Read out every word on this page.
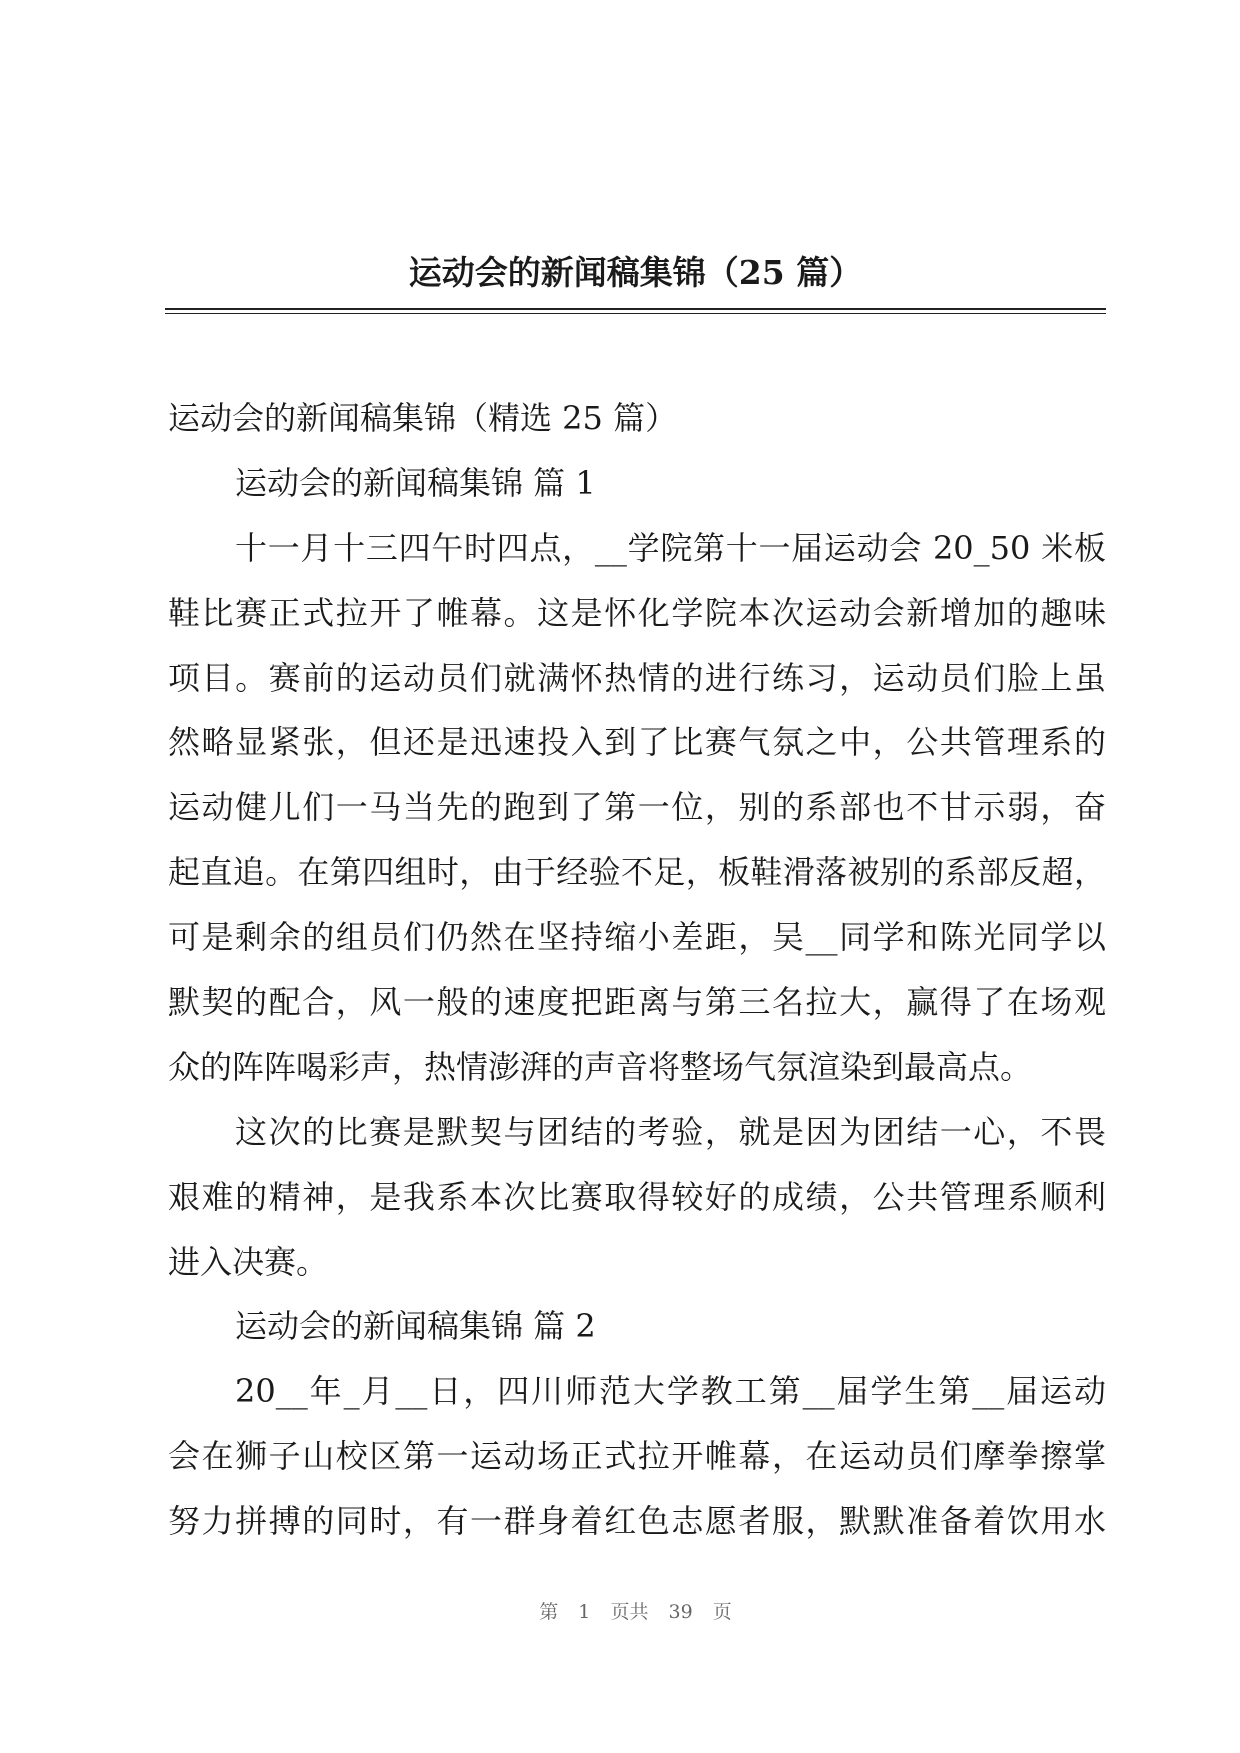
运动会的新闻稿集锦（25 篇）
运动会的新闻稿集锦（精选 25 篇）
运动会的新闻稿集锦 篇 1
十一月十三四午时四点，__学院第十一届运动会 20_50 米板
鞋比赛正式拉开了帷幕。这是怀化学院本次运动会新增加的趣味
项目。赛前的运动员们就满怀热情的进行练习，运动员们脸上虽
然略显紧张，但还是迅速投入到了比赛气氛之中，公共管理系的
运动健儿们一马当先的跑到了第一位，别的系部也不甘示弱，奋
起直追。在第四组时，由于经验不足，板鞋滑落被别的系部反超，
可是剩余的组员们仍然在坚持缩小差距，吴__同学和陈光同学以
默契的配合，风一般的速度把距离与第三名拉大，赢得了在场观
众的阵阵喝彩声，热情澎湃的声音将整场气氛渲染到最高点。
这次的比赛是默契与团结的考验，就是因为团结一心，不畏
艰难的精神，是我系本次比赛取得较好的成绩，公共管理系顺利
进入决赛。
运动会的新闻稿集锦 篇 2
20__年_月__日，四川师范大学教工第__届学生第__届运动
会在狮子山校区第一运动场正式拉开帷幕，在运动员们摩拳擦掌
努力拼搏的同时，有一群身着红色志愿者服，默默准备着饮用水
第 1 页共 39 页
